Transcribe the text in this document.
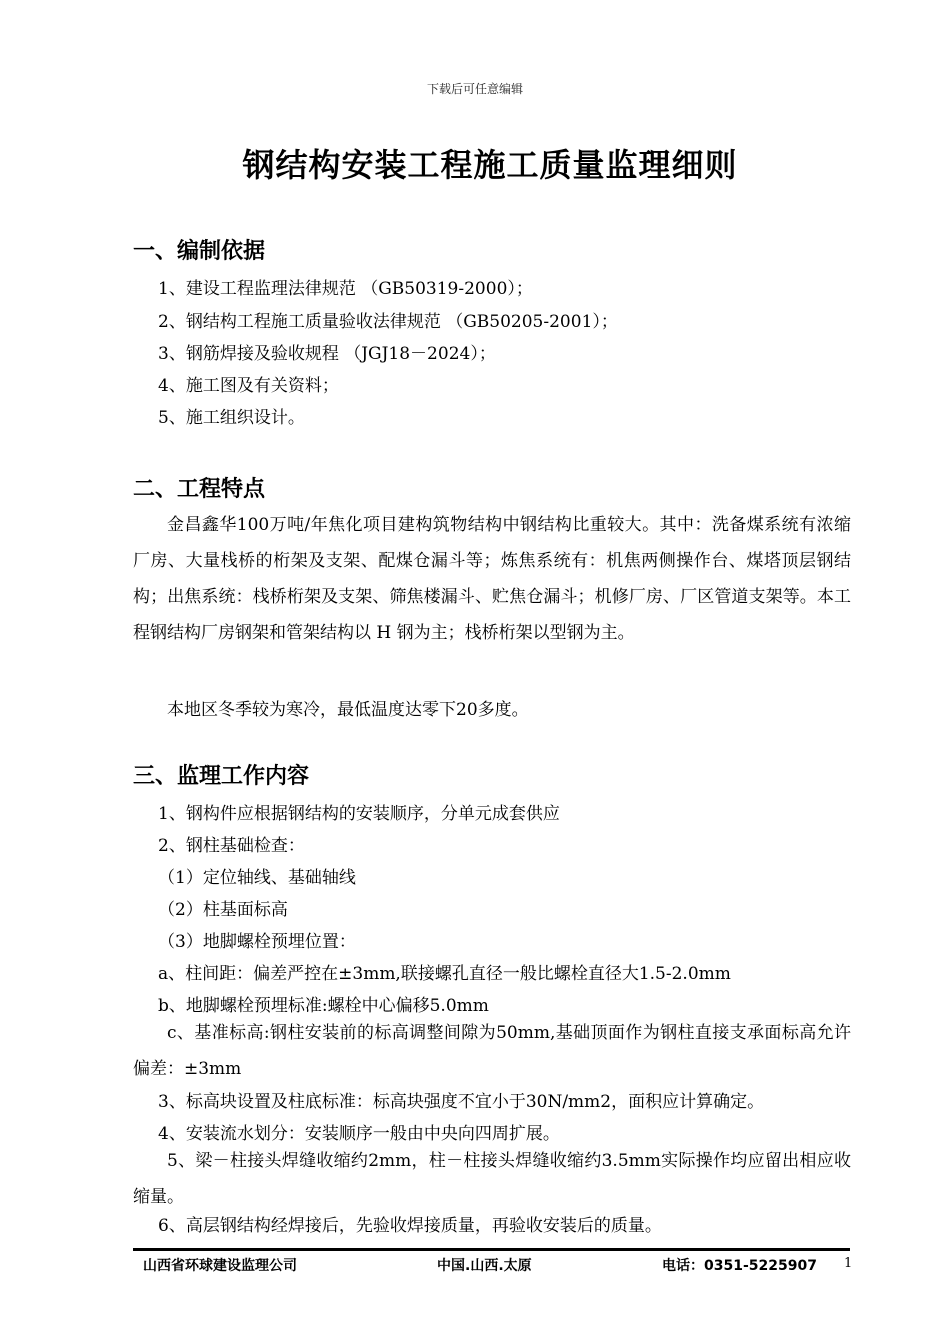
下载后可任意编辑
钢结构安装工程施工质量监理细则
一、编制依据
1、建设工程监理法律规范 （GB50319-2000）；
2、钢结构工程施工质量验收法律规范 （GB50205-2001）；
3、钢筋焊接及验收规程 （JGJ18－2024）；
4、施工图及有关资料；
5、施工组织设计。
二、工程特点
金昌鑫华100万吨/年焦化项目建构筑物结构中钢结构比重较大。其中：洗备煤系统有浓缩厂房、大量栈桥的桁架及支架、配煤仓漏斗等；炼焦系统有：机焦两侧操作台、煤塔顶层钢结构；出焦系统：栈桥桁架及支架、筛焦楼漏斗、贮焦仓漏斗；机修厂房、厂区管道支架等。本工程钢结构厂房钢架和管架结构以 H 钢为主；栈桥桁架以型钢为主。
本地区冬季较为寒冷，最低温度达零下20多度。
三、监理工作内容
1、钢构件应根据钢结构的安装顺序，分单元成套供应
2、钢柱基础检查：
（1）定位轴线、基础轴线
（2）柱基面标高
（3）地脚螺栓预埋位置：
a、柱间距：偏差严控在±3mm,联接螺孔直径一般比螺栓直径大1.5-2.0mm
b、地脚螺栓预埋标准:螺栓中心偏移5.0mm
c、基准标高:钢柱安装前的标高调整间隙为50mm,基础顶面作为钢柱直接支承面标高允许偏差：±3mm
3、标高块设置及柱底标准：标高块强度不宜小于30N/mm2，面积应计算确定。
4、安装流水划分：安装顺序一般由中央向四周扩展。
5、梁－柱接头焊缝收缩约2mm，柱－柱接头焊缝收缩约3.5mm实际操作均应留出相应收缩量。
6、高层钢结构经焊接后，先验收焊接质量，再验收安装后的质量。
山西省环球建设监理公司	中国.山西.太原	电话：0351-5225907 1
